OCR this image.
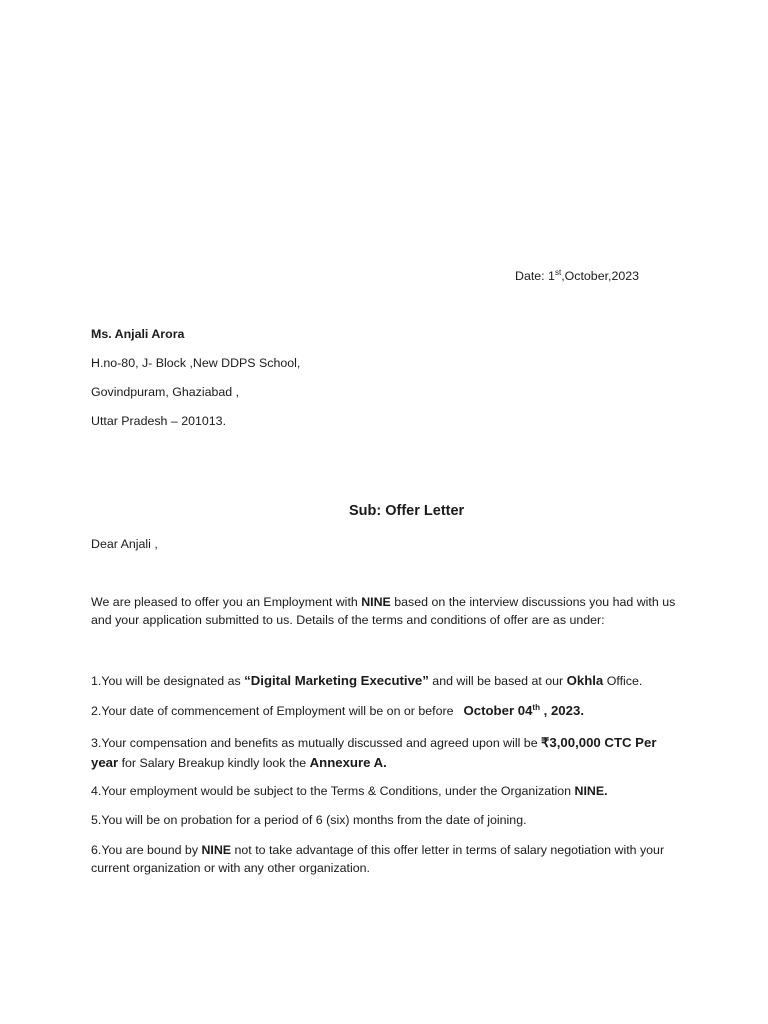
Date: 1st,October,2023
Ms. Anjali Arora
H.no-80, J- Block ,New DDPS School,
Govindpuram, Ghaziabad ,
Uttar Pradesh – 201013.
Sub: Offer Letter
Dear Anjali ,
We are pleased to offer you an Employment with NINE based on the interview discussions you had with us and your application submitted to us. Details of the terms and conditions of offer are as under:
1.You will be designated as “Digital Marketing Executive” and will be based at our Okhla Office.
2.Your date of commencement of Employment will be on or before October 04th , 2023.
3.Your compensation and benefits as mutually discussed and agreed upon will be ₹3,00,000 CTC Per year for Salary Breakup kindly look the Annexure A.
4.Your employment would be subject to the Terms & Conditions, under the Organization NINE.
5.You will be on probation for a period of 6 (six) months from the date of joining.
6.You are bound by NINE not to take advantage of this offer letter in terms of salary negotiation with your current organization or with any other organization.
